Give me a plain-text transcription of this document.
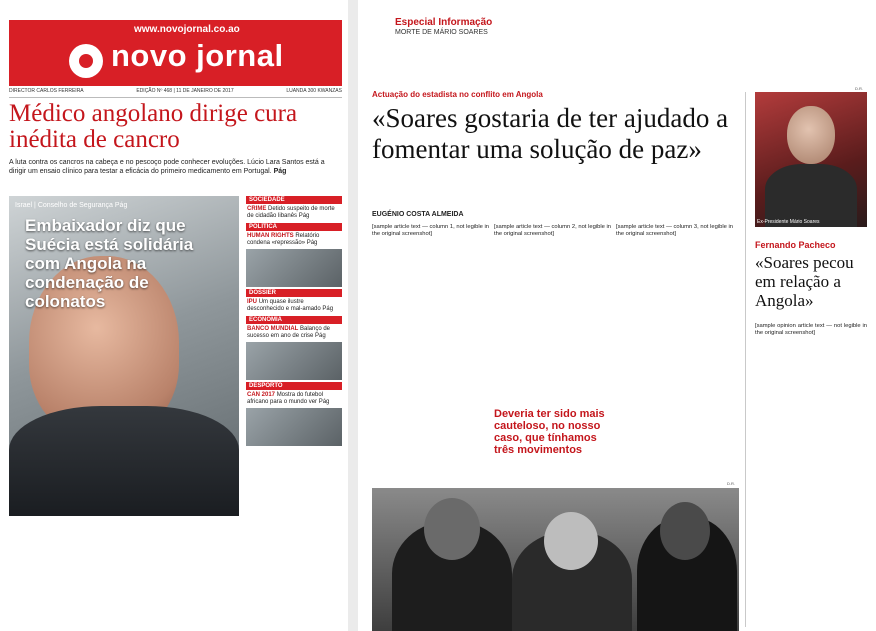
www.novojornal.co.ao
novo jornal
DIRECTOR CARLOS FERREIRA	EDIÇÃO Nº 468 | 11 DE JANEIRO DE 2017	LUANDA 300 KWANZAS
Médico angolano dirige cura inédita de cancro
A luta contra os cancros na cabeça e no pescoço pode conhecer evoluções. Lúcio Lara Santos está a dirigir um ensaio clínico para testar a eficácia do primeiro medicamento em Portugal. Pág
Israel | Conselho de Segurança Pág
Embaixador diz que Suécia está solidária com Angola na condenação de colonatos
SOCIEDADE
CRIME Detido suspeito de morte de cidadão libanês Pág
POLÍTICA
HUMAN RIGHTS Relatório condena «repressão» Pág
DOSSIER
IPU Um quase ilustre desconhecido e mal-amado Pág
ECONOMIA
BANCO MUNDIAL Balanço de sucesso em ano de crise Pág
DESPORTO
CAN 2017 Mostra do futebol africano para o mundo ver Pág
Especial Informação
MORTE DE MÁRIO SOARES
Actuação do estadista no conflito em Angola
«Soares gostaria de ter ajudado a fomentar uma solução de paz»
EUGÉNIO COSTA ALMEIDA
[sample article text — column 1, not legible in the original screenshot]
[sample article text — column 2, not legible in the original screenshot]
[sample article text — column 3, not legible in the original screenshot]
Deveria ter sido mais cauteloso, no nosso caso, que tínhamos três movimentos
D.R.
D.R.
Ex-Presidente Mário Soares
Fernando Pacheco
«Soares pecou em relação a Angola»
[sample opinion article text — not legible in the original screenshot]
